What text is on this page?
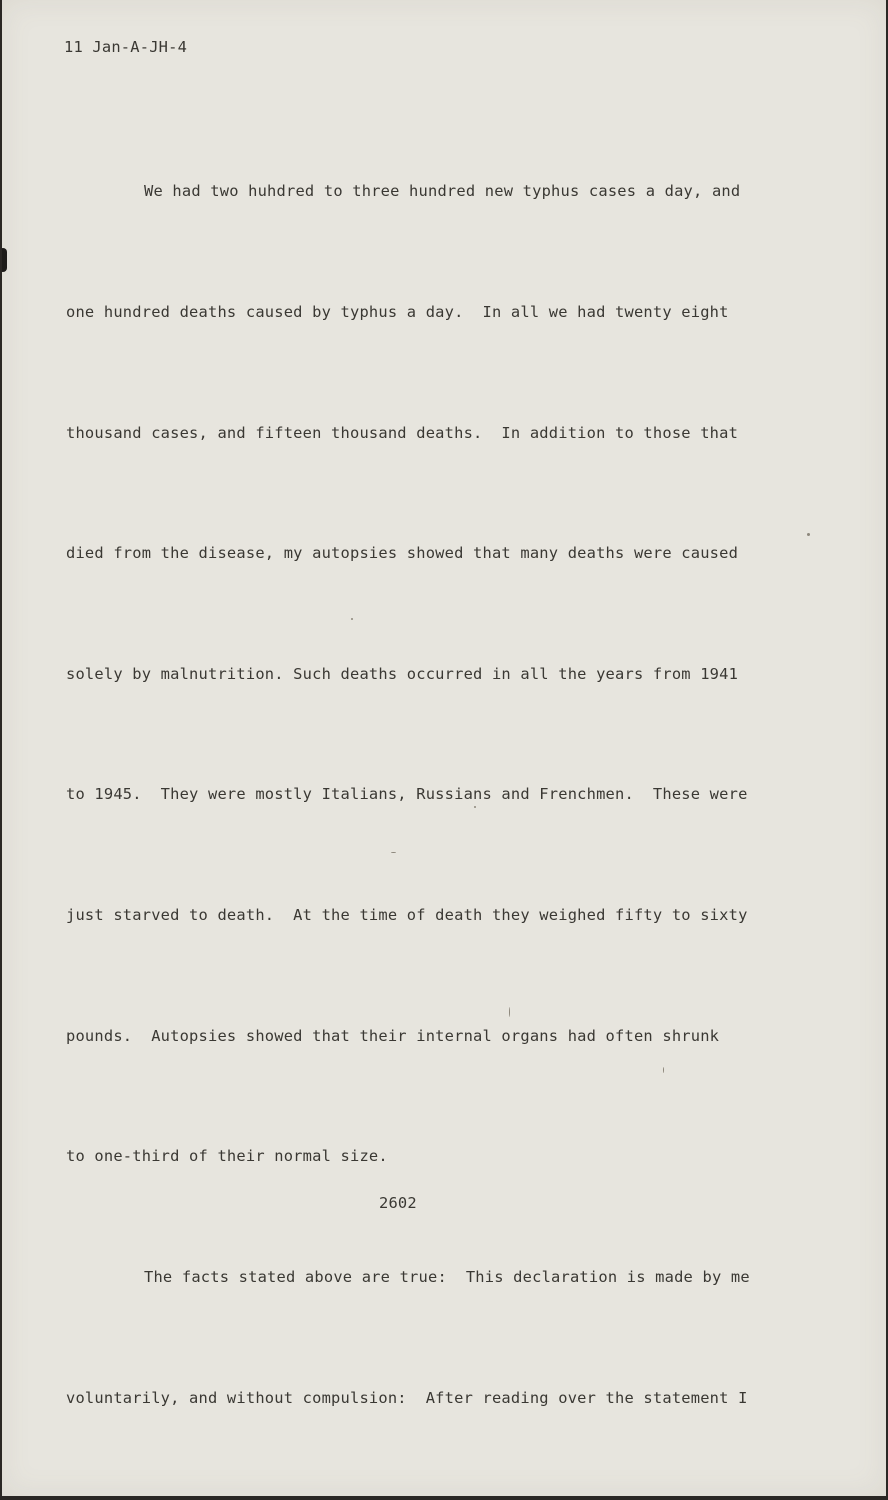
11 Jan-A-JH-4

We had two huhdred to three hundred new typhus cases a day, and

one hundred deaths caused by typhus a day.  In all we had twenty eight

thousand cases, and fifteen thousand deaths.  In addition to those that

died from the disease, my autopsies showed that many deaths were caused

solely by malnutrition. Such deaths occurred in all the years from 1941

to 1945.  They were mostly Italians, Russians and Frenchmen.  These were

just starved to death.  At the time of death they weighed fifty to sixty

pounds.  Autopsies showed that their internal organs had often shrunk

to one-third of their normal size.

The facts stated above are true:  This declaration is made by me

voluntarily, and without compulsion:  After reading over the statement I

2602
